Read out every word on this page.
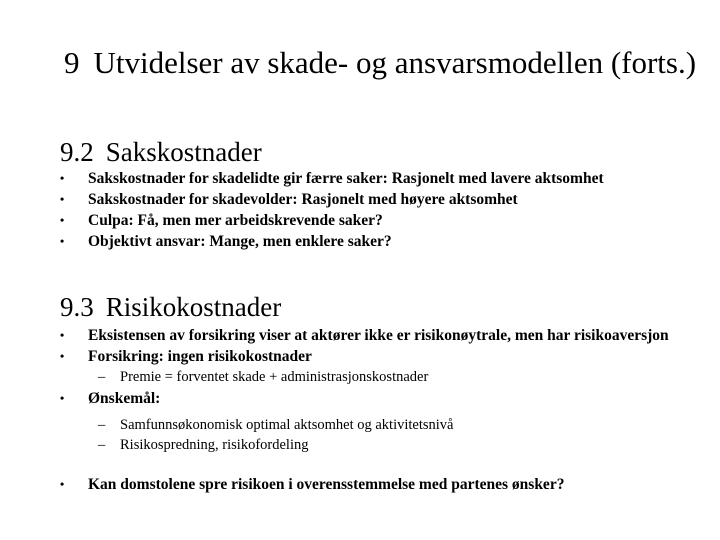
9 Utvidelser av skade- og ansvarsmodellen (forts.)
9.2 Sakskostnader
• Sakskostnader for skadelidte gir færre saker: Rasjonelt med lavere aktsomhet
• Sakskostnader for skadevolder: Rasjonelt med høyere aktsomhet
• Culpa: Få, men mer arbeidskrevende saker?
• Objektivt ansvar: Mange, men enklere saker?
9.3 Risikokostnader
• Eksistensen av forsikring viser at aktører ikke er risikonøytrale, men har risikoaversjon
• Forsikring: ingen risikokostnader
– Premie = forventet skade + administrasjonskostnader
• Ønskemål:
– Samfunnsøkonomisk optimal aktsomhet og aktivitetsnivå
– Risikospredning, risikofordeling
• Kan domstolene spre risikoen i overensstemmelse med partenes ønsker?
